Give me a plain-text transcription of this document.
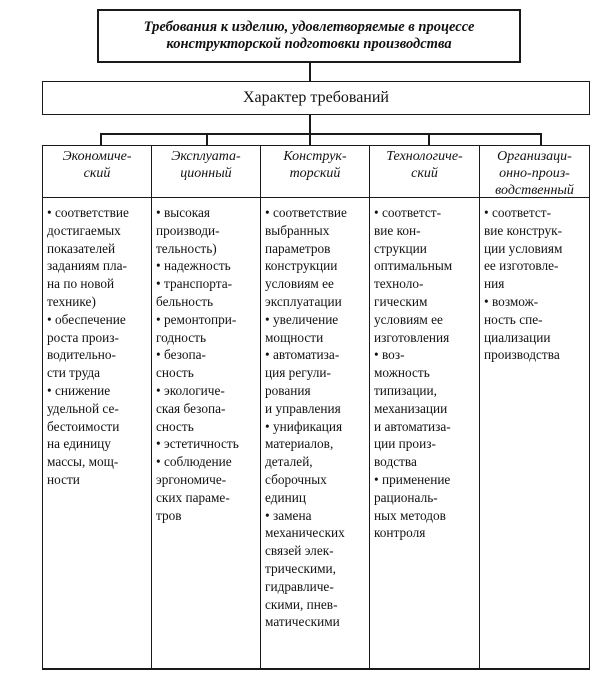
Требования к изделию, удовлетворяемые в процессе
конструкторской подготовки производства
Характер требований
Экономиче-
ский
• соответствие
достигаемых
показателей
заданиям пла-
на по новой
технике)
• обеспечение
роста произ-
водительно-
сти труда
• снижение
удельной се-
бестоимости
на единицу
массы, мощ-
ности
Эксплуата-
ционный
• высокая
производи-
тельность)
• надежность
• транспорта-
бельность
• ремонтопри-
годность
• безопа-
сность
• экологиче-
ская безопа-
сность
• эстетичность
• соблюдение
эргономиче-
ских параме-
тров
Конструк-
торский
• соответствие
выбранных
параметров
конструкции
условиям ее
эксплуатации
• увеличение
мощности
• автоматиза-
ция регули-
рования
и управления
• унификация
материалов,
деталей,
сборочных
единиц
• замена
механических
связей элек-
трическими,
гидравличе-
скими, пнев-
матическими
Технологиче-
ский
• соответст-
вие кон-
струкции
оптимальным
техноло-
гическим
условиям ее
изготовления
• воз-
можность
типизации,
механизации
и автоматиза-
ции произ-
водства
• применение
рациональ-
ных методов
контроля
Организаци-
онно-произ-
водственный
• соответст-
вие конструк-
ции условиям
ее изготовле-
ния
• возмож-
ность спе-
циализации
производства
